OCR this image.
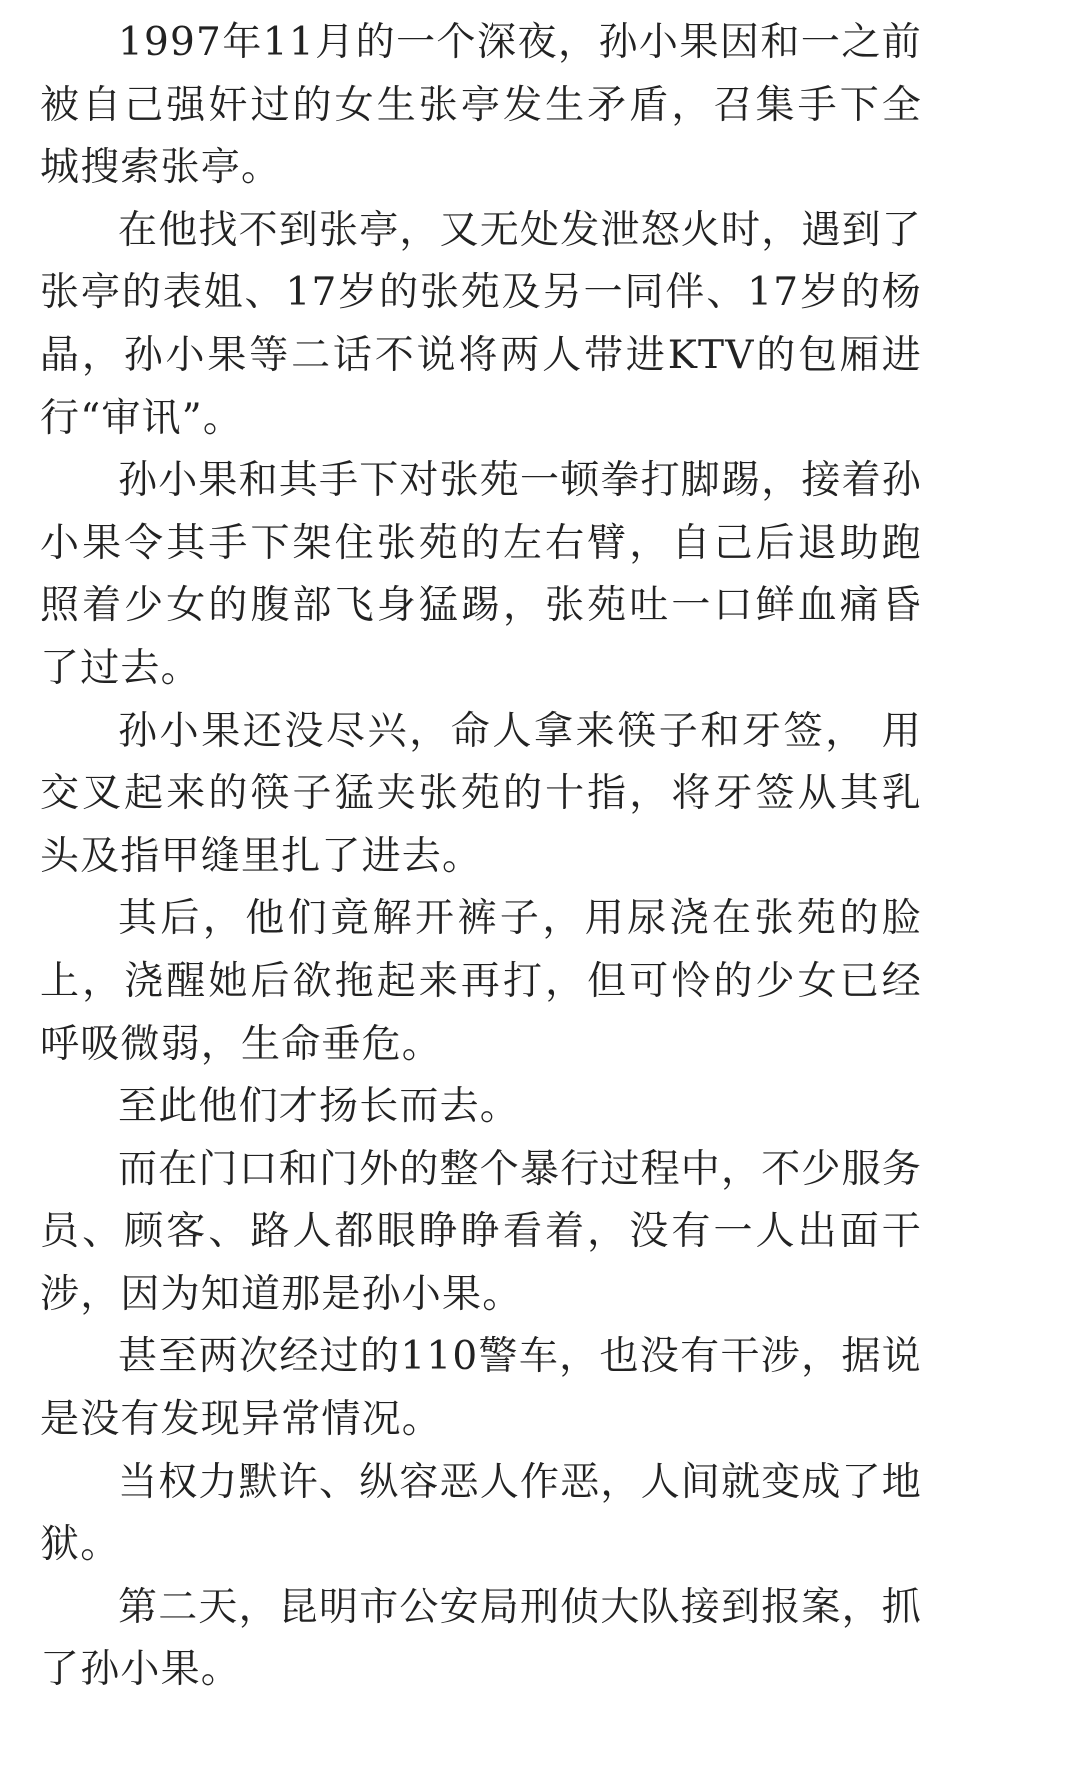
1997年11月的一个深夜，孙小果因和一之前被自己强奸过的女生张亭发生矛盾，召集手下全城搜索张亭。

在他找不到张亭，又无处发泄怒火时，遇到了张亭的表姐、17岁的张苑及另一同伴、17岁的杨晶，孙小果等二话不说将两人带进KTV的包厢进行“审讯”。

孙小果和其手下对张苑一顿拳打脚踢，接着孙小果令其手下架住张苑的左右臂，自己后退助跑照着少女的腹部飞身猛踢，张苑吐一口鲜血痛昏了过去。

孙小果还没尽兴，命人拿来筷子和牙签， 用交叉起来的筷子猛夹张苑的十指，将牙签从其乳头及指甲缝里扎了进去。

其后，他们竟解开裤子，用尿浇在张苑的脸上，浇醒她后欲拖起来再打，但可怜的少女已经呼吸微弱，生命垂危。

至此他们才扬长而去。

而在门口和门外的整个暴行过程中，不少服务员、顾客、路人都眼睁睁看着，没有一人出面干涉，因为知道那是孙小果。

甚至两次经过的110警车，也没有干涉，据说是没有发现异常情况。

当权力默许、纵容恶人作恶，人间就变成了地狱。

第二天，昆明市公安局刑侦大队接到报案，抓了孙小果。
